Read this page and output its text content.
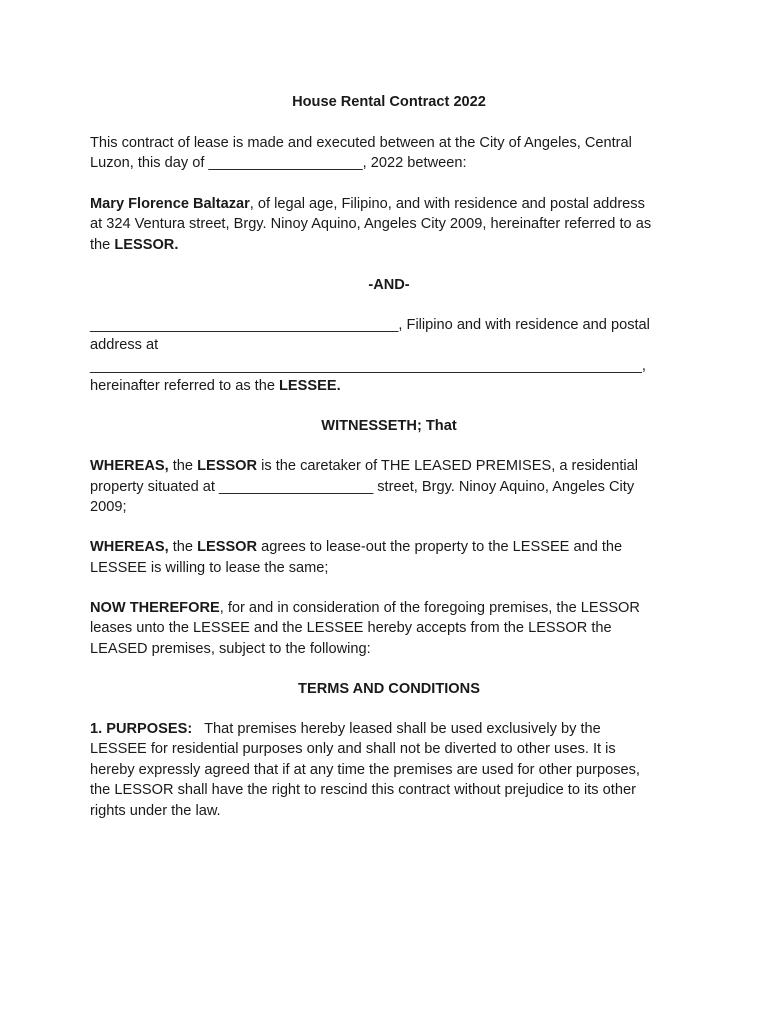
House Rental Contract 2022

This contract of lease is made and executed between at the City of Angeles, Central

Luzon, this day of ___________________, 2022 between:

Mary Florence Baltazar, of legal age, Filipino, and with residence and postal address

at 324 Ventura street, Brgy. Ninoy Aquino, Angeles City 2009, hereinafter referred to as

the LESSOR.

-AND-

______________________________________, Filipino and with residence and postal

address at

____________________________________________________________________,

hereinafter referred to as the LESSEE.

WITNESSETH; That

WHEREAS, the LESSOR is the caretaker of THE LEASED PREMISES, a residential

property situated at ___________________ street, Brgy. Ninoy Aquino, Angeles City

2009;

WHEREAS, the LESSOR agrees to lease-out the property to the LESSEE and the

LESSEE is willing to lease the same;

NOW THEREFORE, for and in consideration of the foregoing premises, the LESSOR

leases unto the LESSEE and the LESSEE hereby accepts from the LESSOR the

LEASED premises, subject to the following:

TERMS AND CONDITIONS

1. PURPOSES:   That premises hereby leased shall be used exclusively by the

LESSEE for residential purposes only and shall not be diverted to other uses. It is

hereby expressly agreed that if at any time the premises are used for other purposes,

the LESSOR shall have the right to rescind this contract without prejudice to its other

rights under the law.
